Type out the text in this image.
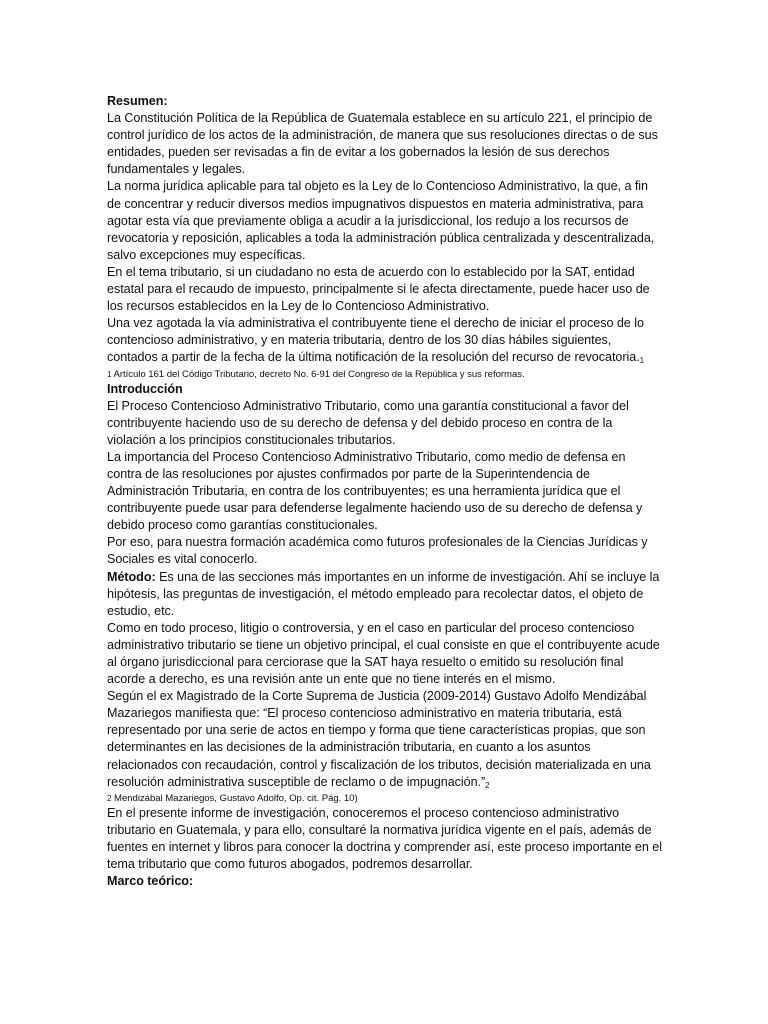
Resumen:

La Constitución Política de la República de Guatemala establece en su artículo 221, el principio de control jurídico de los actos de la administración, de manera que sus resoluciones directas o de sus entidades, pueden ser revisadas a fin de evitar a los gobernados la lesión de sus derechos fundamentales y legales.

La norma jurídica aplicable para tal objeto es la Ley de lo Contencioso Administrativo, la que, a fin de concentrar y reducir diversos medios impugnativos dispuestos en materia administrativa, para agotar esta vía que previamente obliga a acudir a la jurisdiccional, los redujo a los recursos de revocatoria y reposición, aplicables a toda la administración pública centralizada y descentralizada, salvo excepciones muy específicas.

En el tema tributario, si un ciudadano no esta de acuerdo con lo establecido por la SAT, entidad estatal para el recaudo de impuesto, principalmente si le afecta directamente, puede hacer uso de los recursos establecidos en la Ley de lo Contencioso Administrativo.

Una vez agotada la vía administrativa el contribuyente tiene el derecho de iniciar el proceso de lo contencioso administrativo, y en materia tributaria, dentro de los 30 días hábiles siguientes, contados a partir de la fecha de la última notificación de la resolución del recurso de revocatoria.1

1 Artículo 161 del Código Tributario, decreto No. 6-91 del Congreso de la República y sus reformas.

Introducción

El Proceso Contencioso Administrativo Tributario, como una garantía constitucional a favor del contribuyente haciendo uso de su derecho de defensa y del debido proceso en contra de la violación a los principios constitucionales tributarios.

La importancia del Proceso Contencioso Administrativo Tributario, como medio de defensa en contra de las resoluciones por ajustes confirmados por parte de la Superintendencia de Administración Tributaria, en contra de los contribuyentes; es una herramienta jurídica que el contribuyente puede usar para defenderse legalmente haciendo uso de su derecho de defensa y debido proceso como garantías constitucionales.

Por eso, para nuestra formación académica como futuros profesionales de la Ciencias Jurídicas y Sociales es vital conocerlo.

Método: Es una de las secciones más importantes en un informe de investigación. Ahí se incluye la hipótesis, las preguntas de investigación, el método empleado para recolectar datos, el objeto de estudio, etc.

Como en todo proceso, litigio o controversia, y en el caso en particular del proceso contencioso administrativo tributario se tiene un objetivo principal, el cual consiste en que el contribuyente acude al órgano jurisdiccional para cerciorase que la SAT haya resuelto o emitido su resolución final acorde a derecho, es una revisión ante un ente que no tiene interés en el mismo.

Según el ex Magistrado de la Corte Suprema de Justicia (2009-2014) Gustavo Adolfo Mendizábal Mazariegos manifiesta que: “El proceso contencioso administrativo en materia tributaria, está representado por una serie de actos en tiempo y forma que tiene características propias, que son determinantes en las decisiones de la administración tributaria, en cuanto a los asuntos relacionados con recaudación, control y fiscalización de los tributos, decisión materializada en una resolución administrativa susceptible de reclamo o de impugnación.”2

2 Mendizábal Mazariegos, Gustavo Adolfo, Op. cit. Pág. 10)

En el presente informe de investigación, conoceremos el proceso contencioso administrativo tributario en Guatemala, y para ello, consultaré la normativa jurídica vigente en el país, además de fuentes en internet y libros para conocer la doctrina y comprender así, este proceso importante en el tema tributario que como futuros abogados, podremos desarrollar.

Marco teórico:
